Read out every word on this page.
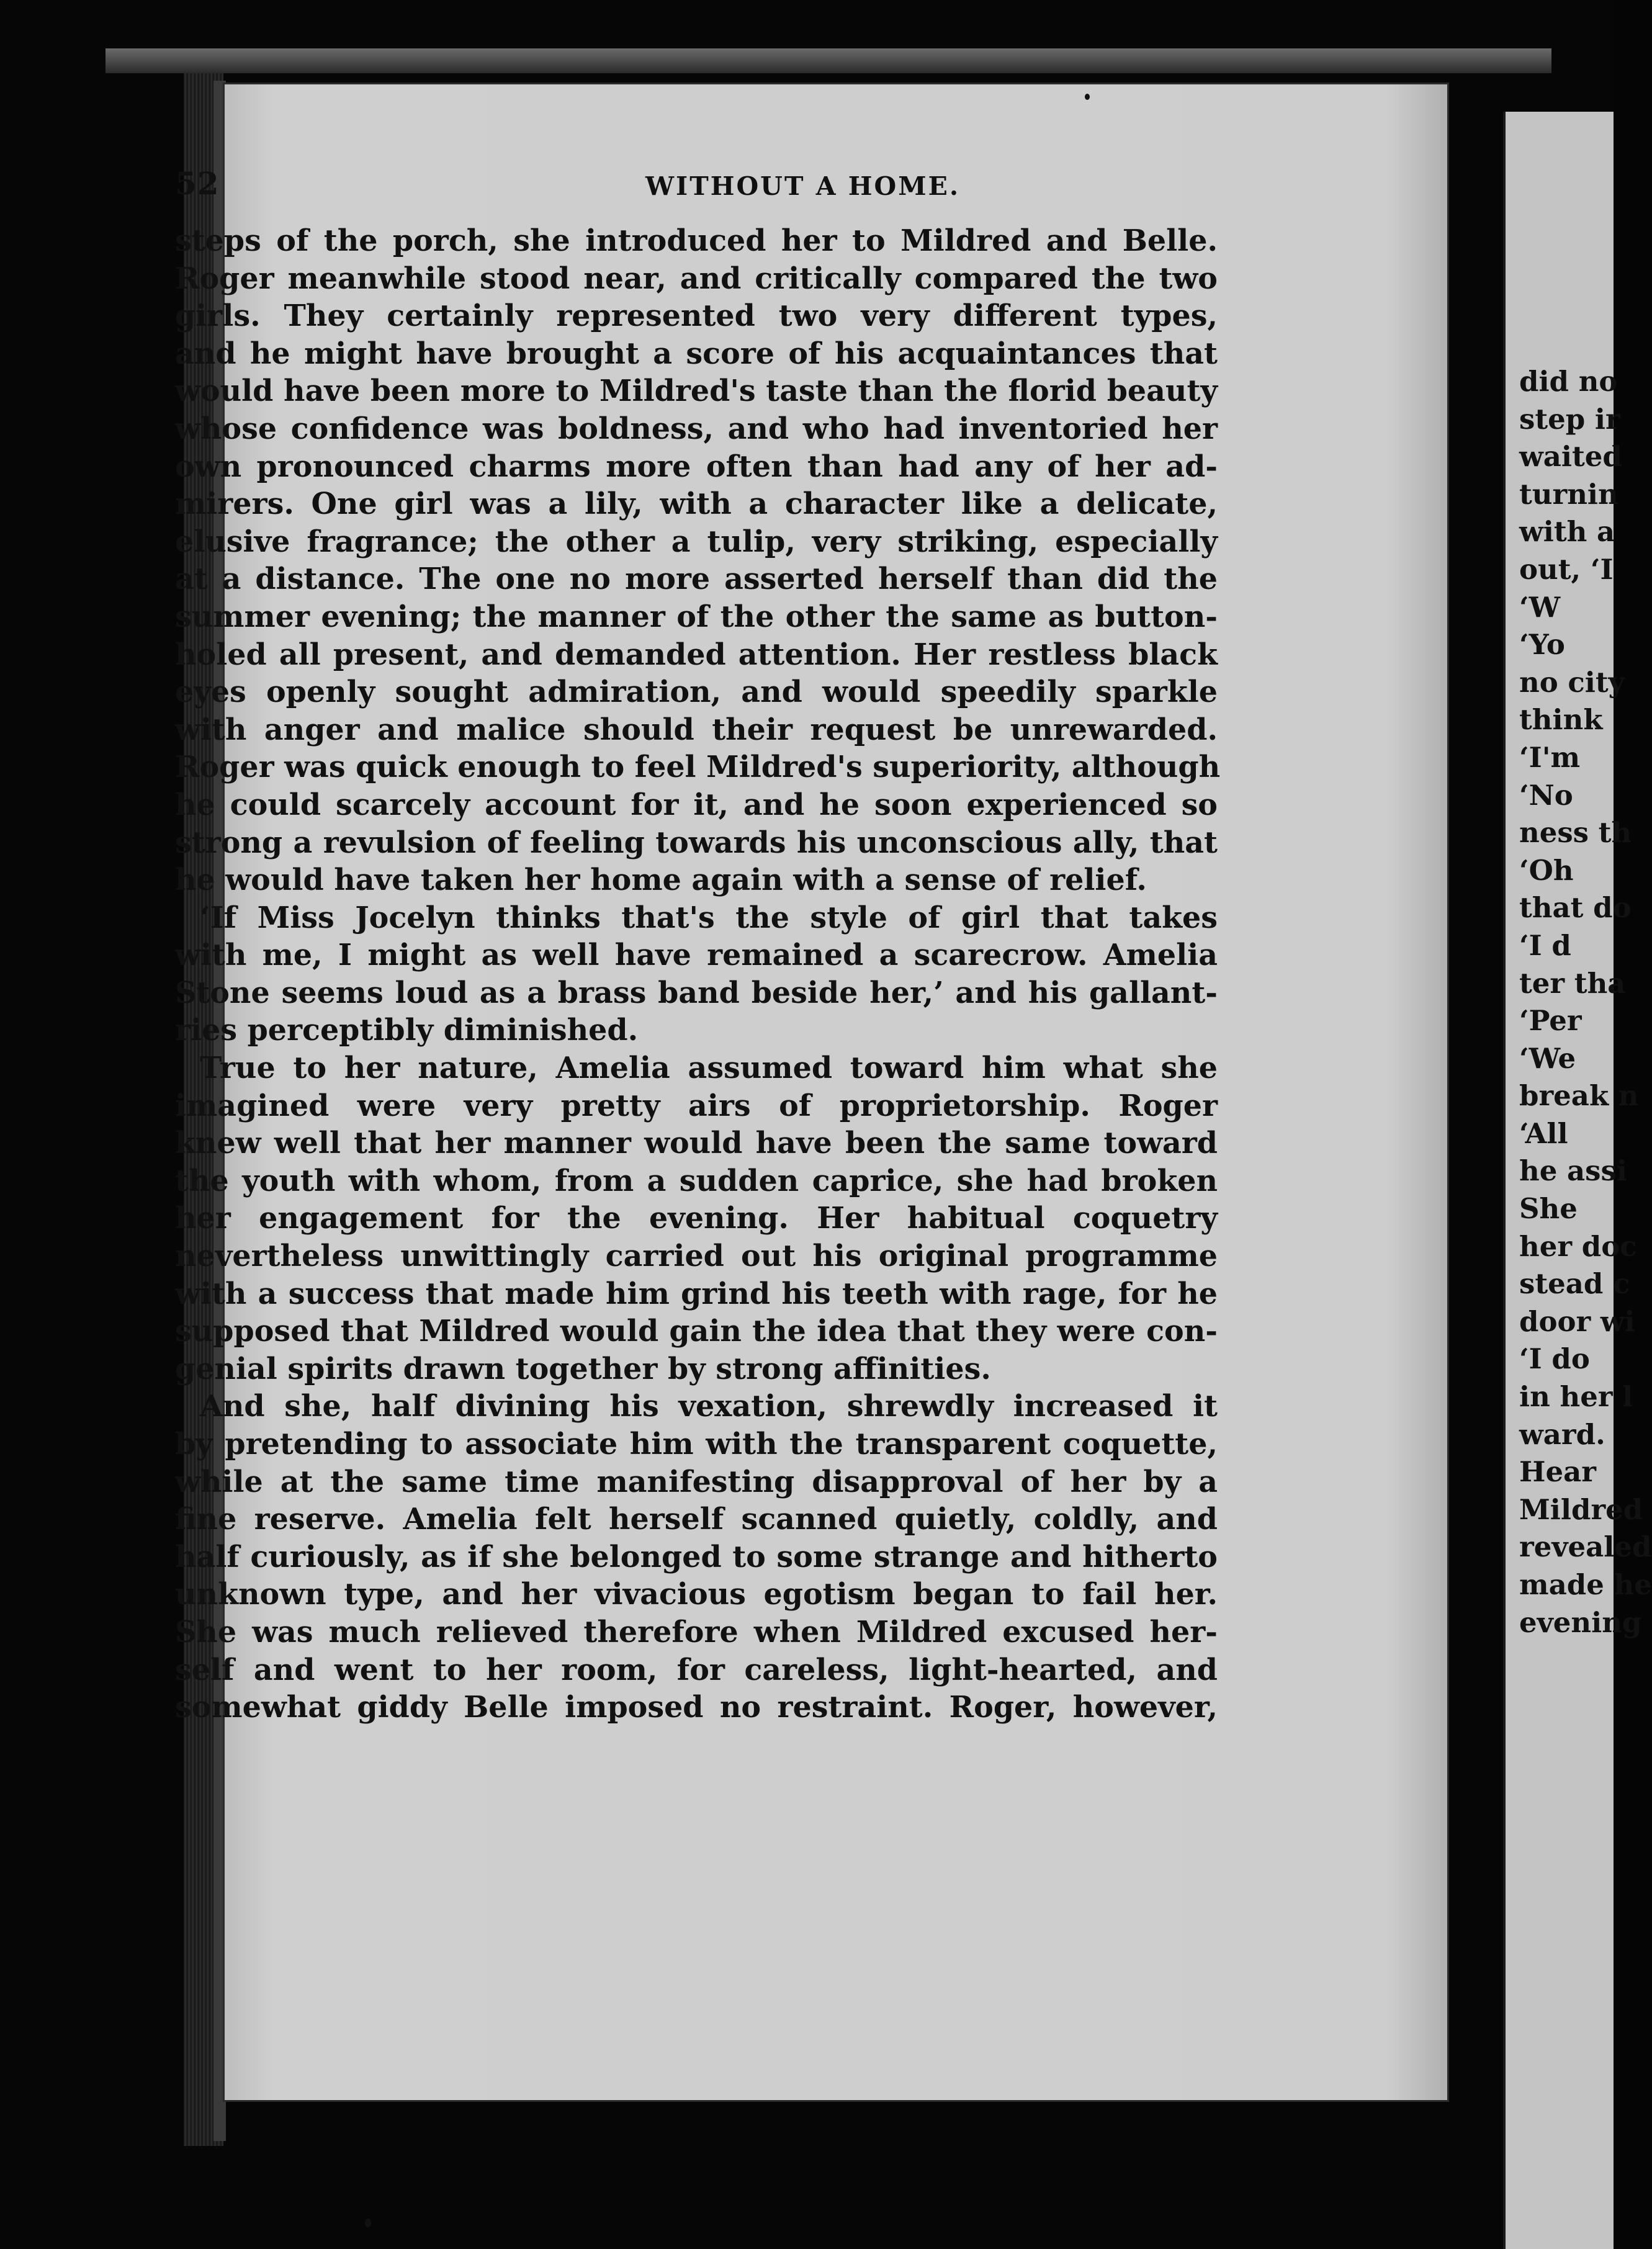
52	WITHOUT A HOME.
steps of the porch, she introduced her to Mildred and Belle.
Roger meanwhile stood near, and critically compared the two
girls. They certainly represented two very different types,
and he might have brought a score of his acquaintances that
would have been more to Mildred's taste than the florid beauty
whose confidence was boldness, and who had inventoried her
own pronounced charms more often than had any of her ad-
mirers. One girl was a lily, with a character like a delicate,
elusive fragrance; the other a tulip, very striking, especially
at a distance. The one no more asserted herself than did the
summer evening; the manner of the other the same as button-
holed all present, and demanded attention. Her restless black
eyes openly sought admiration, and would speedily sparkle
with anger and malice should their request be unrewarded.
Roger was quick enough to feel Mildred's superiority, although
he could scarcely account for it, and he soon experienced so
strong a revulsion of feeling towards his unconscious ally, that
he would have taken her home again with a sense of relief.
‘If Miss Jocelyn thinks that's the style of girl that takes
with me, I might as well have remained a scarecrow. Amelia
Stone seems loud as a brass band beside her,’ and his gallant-
ries perceptibly diminished.
True to her nature, Amelia assumed toward him what she
imagined were very pretty airs of proprietorship. Roger
knew well that her manner would have been the same toward
the youth with whom, from a sudden caprice, she had broken
her engagement for the evening. Her habitual coquetry
nevertheless unwittingly carried out his original programme
with a success that made him grind his teeth with rage, for he
supposed that Mildred would gain the idea that they were con-
genial spirits drawn together by strong affinities.
And she, half divining his vexation, shrewdly increased it
by pretending to associate him with the transparent coquette,
while at the same time manifesting disapproval of her by a
fine reserve. Amelia felt herself scanned quietly, coldly, and
half curiously, as if she belonged to some strange and hitherto
unknown type, and her vivacious egotism began to fail her.
She was much relieved therefore when Mildred excused her-
self and went to her room, for careless, light-hearted, and
somewhat giddy Belle imposed no restraint. Roger, however,
did no
step ir
waited
turnin
with a
out, ‘I
‘W
‘Yo
no city
think
‘I'm
‘No
ness th
‘Oh
that do
‘I d
ter tha
‘Per
‘We
break n
‘All
he assi
She
her doc
stead c
door wi
‘I do
in her l
ward.
Hear
Mildred
revealed
made he
evening
